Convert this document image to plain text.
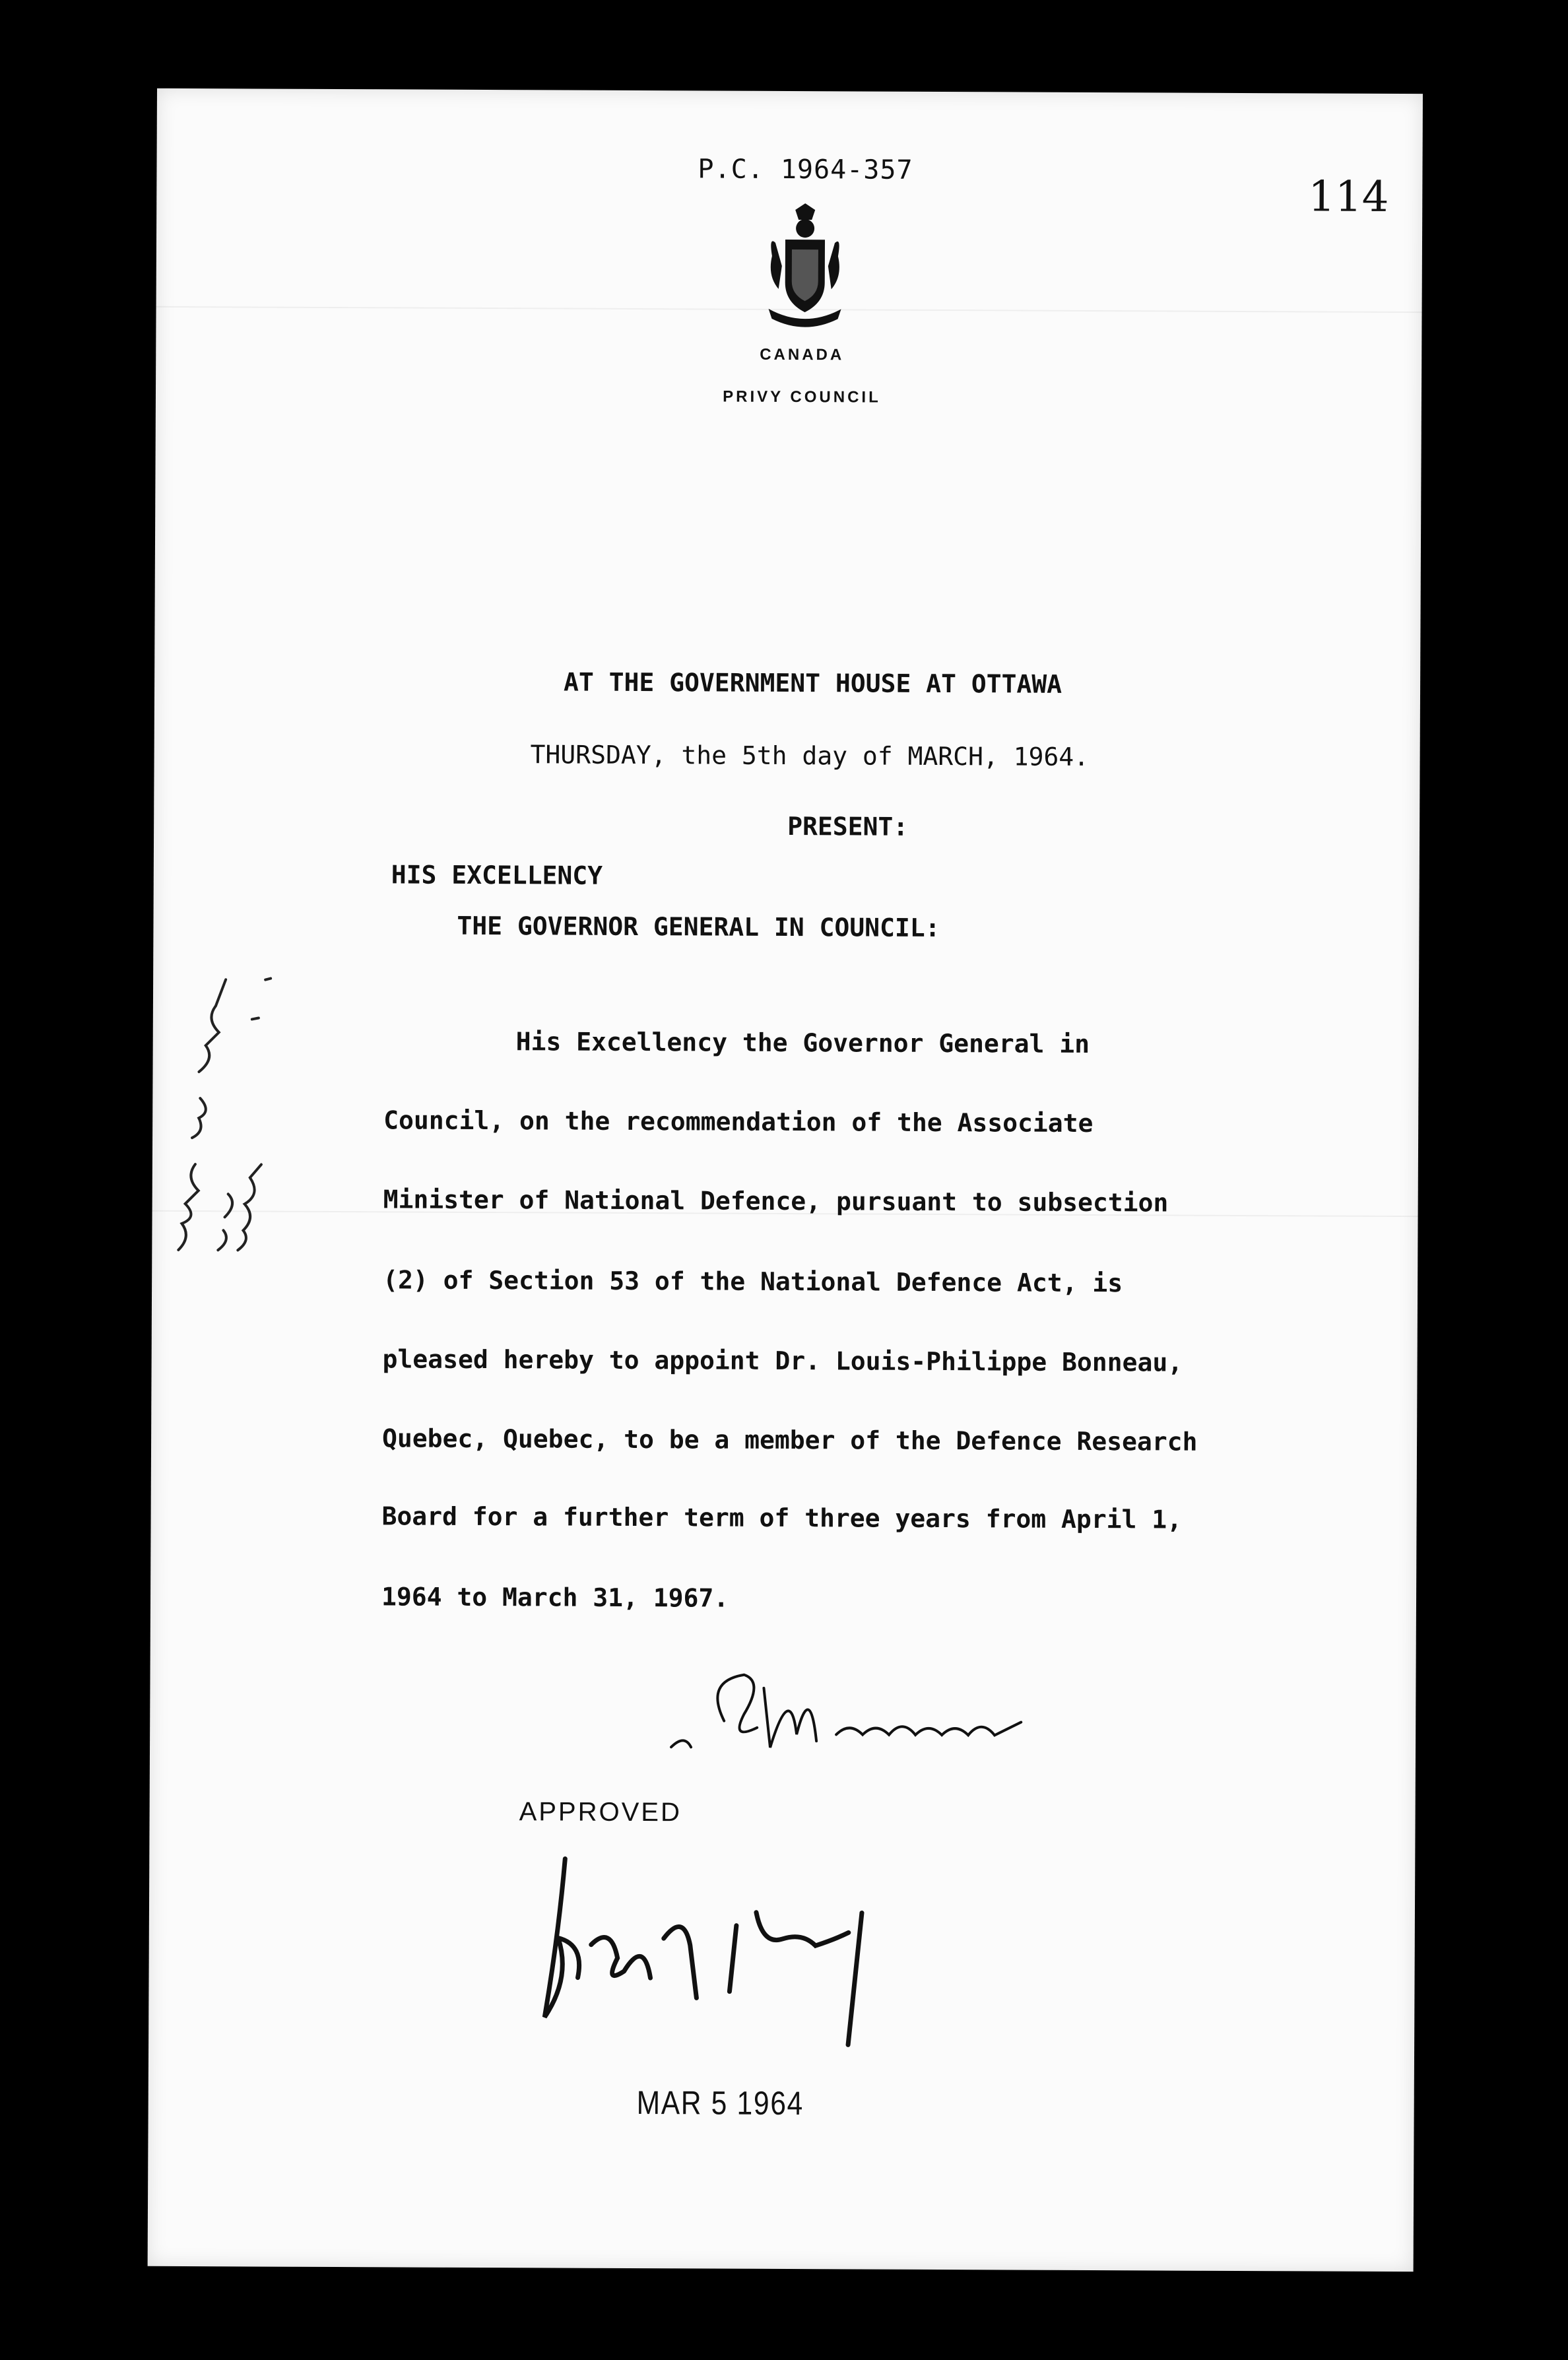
P.C. 1964-357
114
CANADA
PRIVY COUNCIL
AT THE GOVERNMENT HOUSE AT OTTAWA
THURSDAY, the 5th day of MARCH, 1964.
PRESENT:
HIS EXCELLENCY
THE GOVERNOR GENERAL IN COUNCIL:
His Excellency the Governor General in
Council, on the recommendation of the Associate
Minister of National Defence, pursuant to subsection
(2) of Section 53 of the National Defence Act, is
pleased hereby to appoint Dr. Louis-Philippe Bonneau,
Quebec, Quebec, to be a member of the Defence Research
Board for a further term of three years from April 1,
1964 to March 31, 1967.
APPROVED
MAR 5 1964
